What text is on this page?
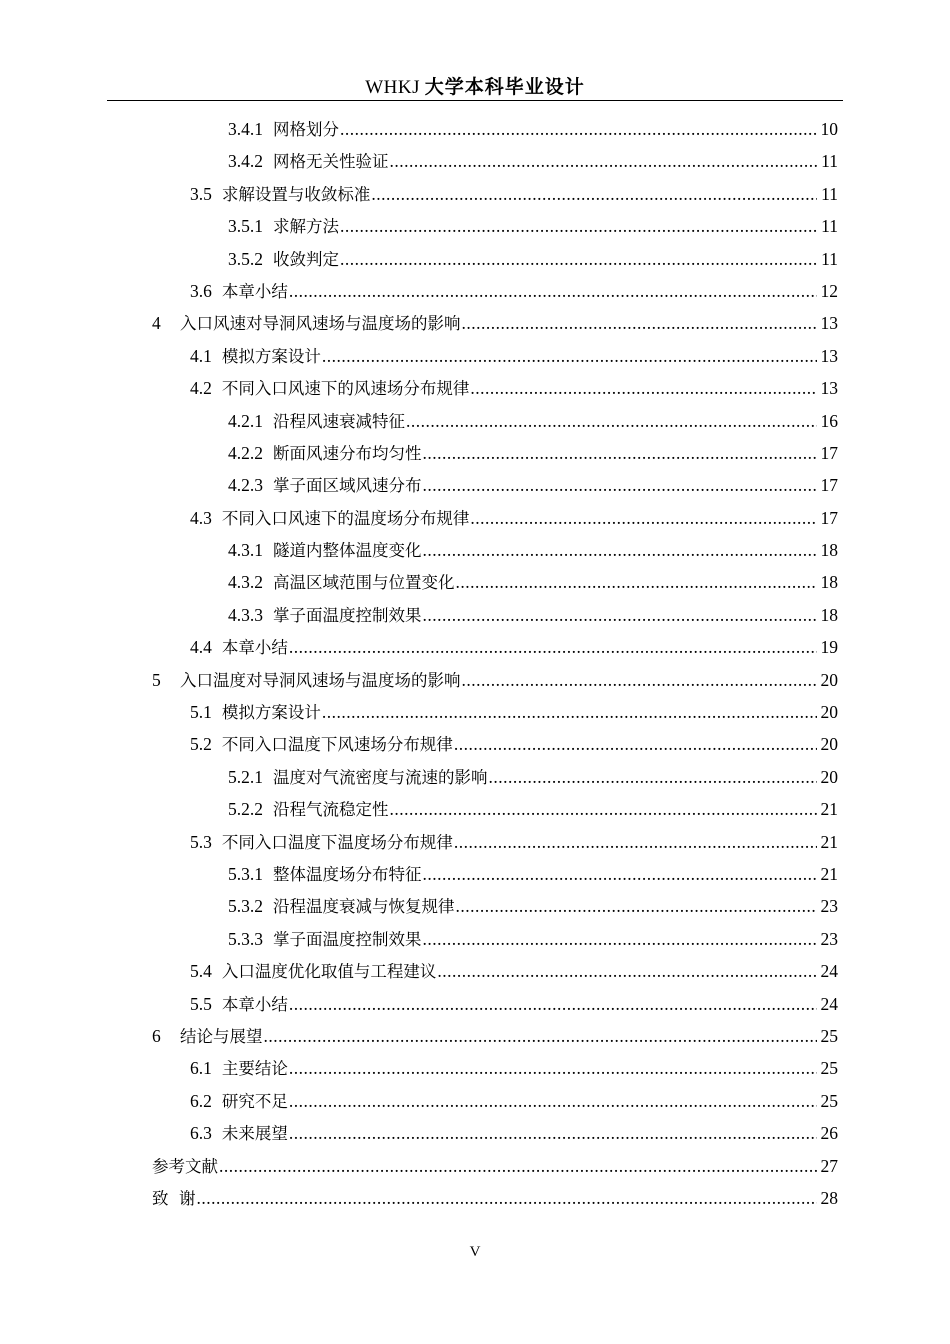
WHKJ 大学本科毕业设计
3.4.1 网格划分 .....	10
3.4.2 网格无关性验证 .....	11
3.5 求解设置与收敛标准 .....	11
3.5.1 求解方法 .....	11
3.5.2 收敛判定 .....	11
3.6 本章小结 .....	12
4	入口风速对导洞风速场与温度场的影响 .....	13
4.1 模拟方案设计 .....	13
4.2 不同入口风速下的风速场分布规律 .....	13
4.2.1 沿程风速衰减特征 .....	16
4.2.2 断面风速分布均匀性 .....	17
4.2.3 掌子面区域风速分布 .....	17
4.3 不同入口风速下的温度场分布规律 .....	17
4.3.1 隧道内整体温度变化 .....	18
4.3.2 高温区域范围与位置变化 .....	18
4.3.3 掌子面温度控制效果 .....	18
4.4 本章小结 .....	19
5	入口温度对导洞风速场与温度场的影响 .....	20
5.1 模拟方案设计 .....	20
5.2 不同入口温度下风速场分布规律 .....	20
5.2.1 温度对气流密度与流速的影响 .....	20
5.2.2 沿程气流稳定性 .....	21
5.3 不同入口温度下温度场分布规律 .....	21
5.3.1 整体温度场分布特征 .....	21
5.3.2 沿程温度衰减与恢复规律 .....	23
5.3.3 掌子面温度控制效果 .....	23
5.4 入口温度优化取值与工程建议 .....	24
5.5 本章小结 .....	24
6	结论与展望 .....	25
6.1 主要结论 .....	25
6.2 研究不足 .....	25
6.3 未来展望 .....	26
参考文献 .....	27
致  谢 .....	28
V
